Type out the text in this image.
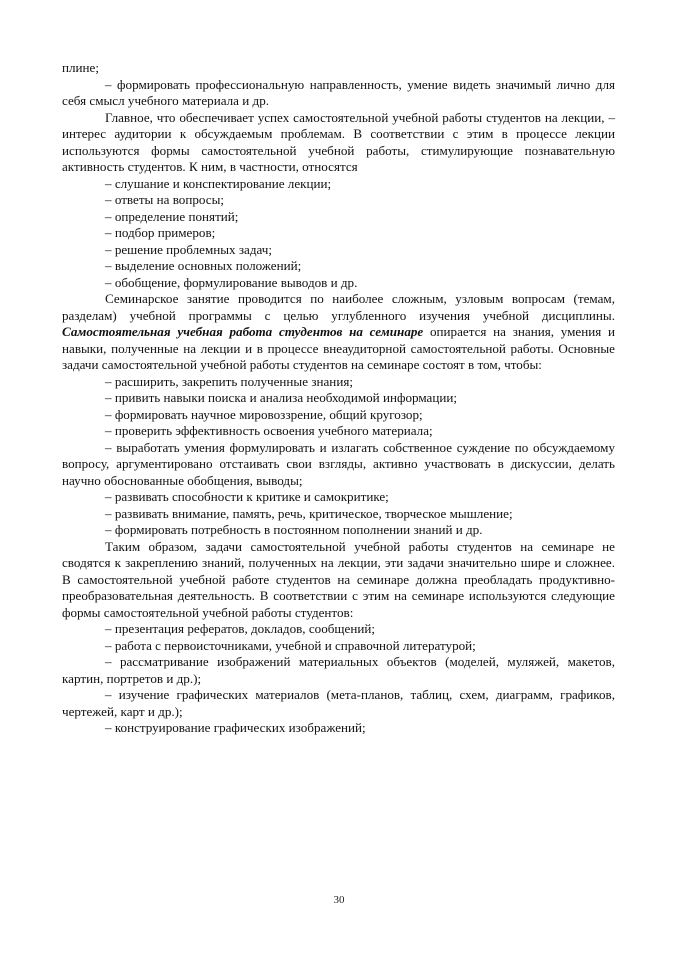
плине;

– формировать профессиональную направленность, умение видеть значимый лично для себя смысл учебного материала и др.

Главное, что обеспечивает успех самостоятельной учебной работы студентов на лекции, – интерес аудитории к обсуждаемым проблемам. В соответствии с этим в процессе лекции используются формы самостоятельной учебной работы, стимулирующие познавательную активность студентов. К ним, в частности, относятся

– слушание и конспектирование лекции;

– ответы на вопросы;

– определение понятий;

– подбор примеров;

– решение проблемных задач;

– выделение основных положений;

– обобщение, формулирование выводов и др.

Семинарское занятие проводится по наиболее сложным, узловым вопросам (темам, разделам) учебной программы с целью углубленного изучения учебной дисциплины. Самостоятельная учебная работа студентов на семинаре опирается на знания, умения и навыки, полученные на лекции и в процессе внеаудиторной самостоятельной работы. Основные задачи самостоятельной учебной работы студентов на семинаре состоят в том, чтобы:

– расширить, закрепить полученные знания;

– привить навыки поиска и анализа необходимой информации;

– формировать научное мировоззрение, общий кругозор;

– проверить эффективность освоения учебного материала;

– выработать умения формулировать и излагать собственное суждение по обсуждаемому вопросу, аргументировано отстаивать свои взгляды, активно участвовать в дискуссии, делать научно обоснованные обобщения, выводы;

– развивать способности к критике и самокритике;

– развивать внимание, память, речь, критическое, творческое мышление;

– формировать потребность в постоянном пополнении знаний и др.

Таким образом, задачи самостоятельной учебной работы студентов на семинаре не сводятся к закреплению знаний, полученных на лекции, эти задачи значительно шире и сложнее. В самостоятельной учебной работе студентов на семинаре должна преобладать продуктивно-преобразовательная деятельность. В соответствии с этим на семинаре используются следующие формы самостоятельной учебной работы студентов:

– презентация рефератов, докладов, сообщений;

– работа с первоисточниками, учебной и справочной литературой;

– рассматривание изображений материальных объектов (моделей, муляжей, макетов, картин, портретов и др.);

– изучение графических материалов (мета-планов, таблиц, схем, диаграмм, графиков, чертежей, карт и др.);

– конструирование графических изображений;

30
